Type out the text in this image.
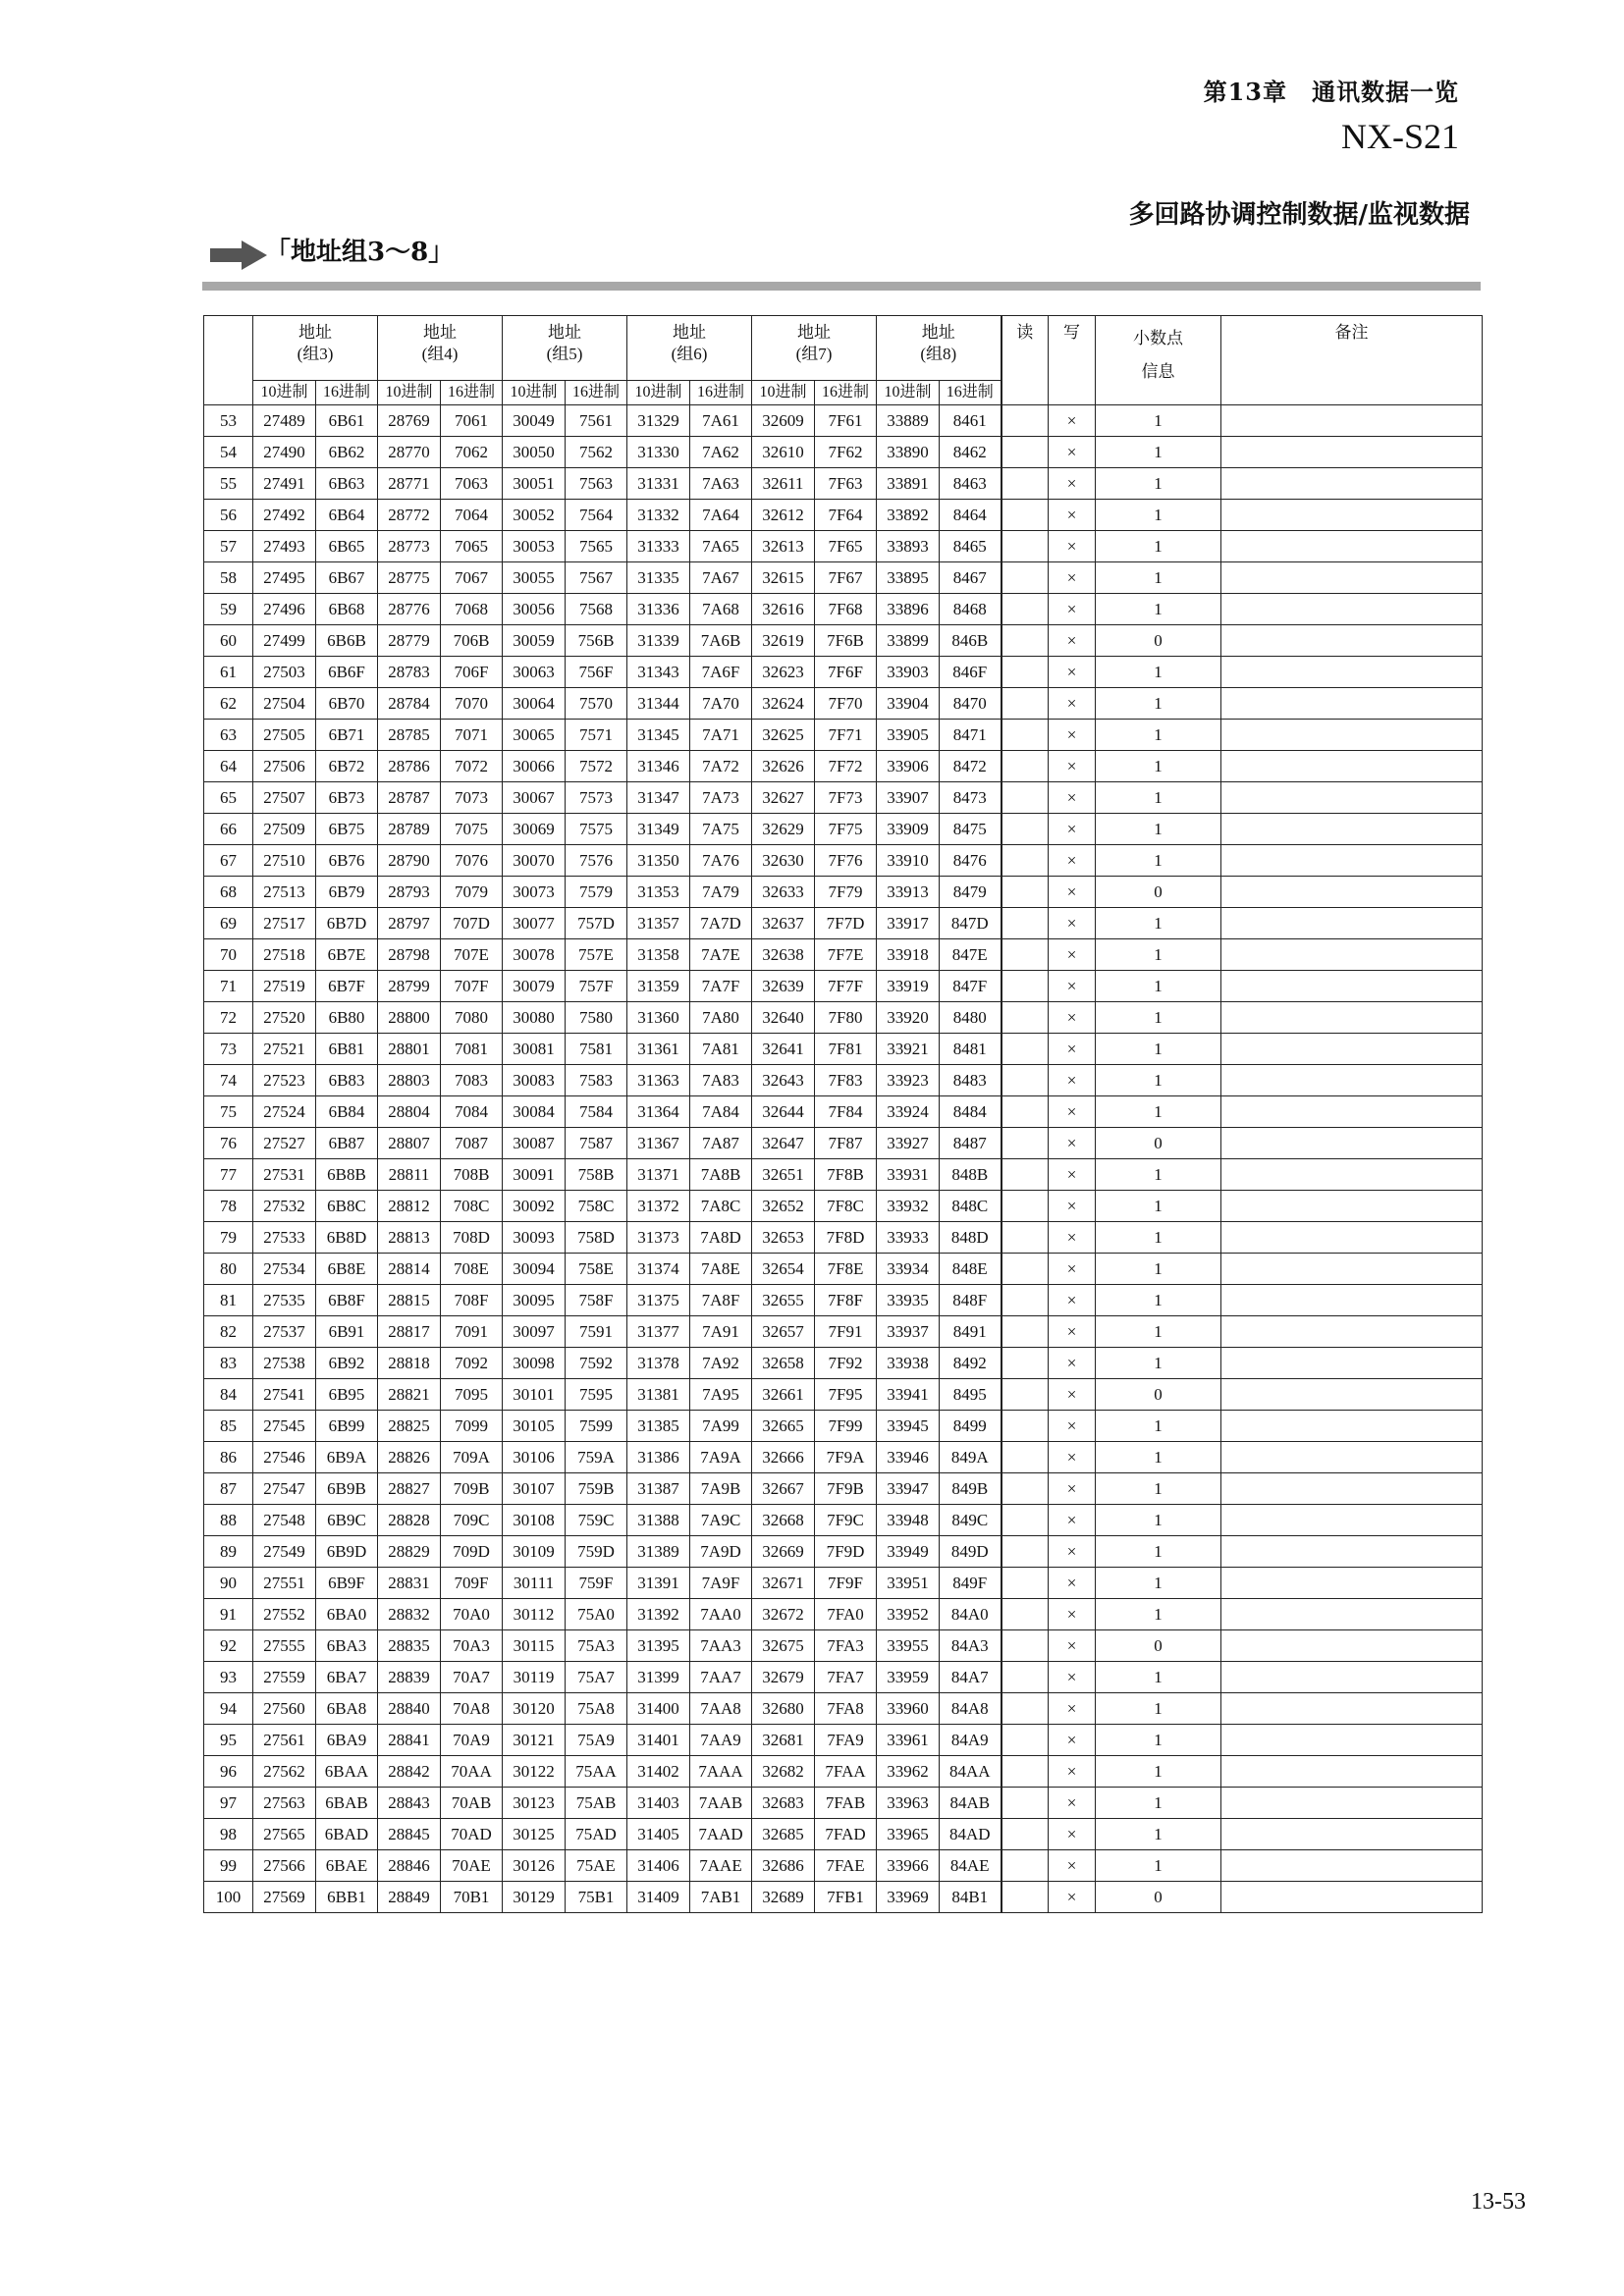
第13章　通讯数据一览
NX-S21
多回路协调控制数据/监视数据
「地址组3～8」
	地址
(组3)		地址
(组4)		地址
(组5)		地址
(组6)		地址
(组7)		地址
(组8)		读	写	小数点
信息	备注
	10进制	16进制	10进制	16进制	10进制	16进制	10进制	16进制	10进制	16进制	10进制	16进制				
53	27489	6B61	28769	7061	30049	7561	31329	7A61	32609	7F61	33889	8461		×	1	
54	27490	6B62	28770	7062	30050	7562	31330	7A62	32610	7F62	33890	8462		×	1	
55	27491	6B63	28771	7063	30051	7563	31331	7A63	32611	7F63	33891	8463		×	1	
56	27492	6B64	28772	7064	30052	7564	31332	7A64	32612	7F64	33892	8464		×	1	
57	27493	6B65	28773	7065	30053	7565	31333	7A65	32613	7F65	33893	8465		×	1	
58	27495	6B67	28775	7067	30055	7567	31335	7A67	32615	7F67	33895	8467		×	1	
59	27496	6B68	28776	7068	30056	7568	31336	7A68	32616	7F68	33896	8468		×	1	
60	27499	6B6B	28779	706B	30059	756B	31339	7A6B	32619	7F6B	33899	846B		×	0	
61	27503	6B6F	28783	706F	30063	756F	31343	7A6F	32623	7F6F	33903	846F		×	1	
62	27504	6B70	28784	7070	30064	7570	31344	7A70	32624	7F70	33904	8470		×	1	
63	27505	6B71	28785	7071	30065	7571	31345	7A71	32625	7F71	33905	8471		×	1	
64	27506	6B72	28786	7072	30066	7572	31346	7A72	32626	7F72	33906	8472		×	1	
65	27507	6B73	28787	7073	30067	7573	31347	7A73	32627	7F73	33907	8473		×	1	
66	27509	6B75	28789	7075	30069	7575	31349	7A75	32629	7F75	33909	8475		×	1	
67	27510	6B76	28790	7076	30070	7576	31350	7A76	32630	7F76	33910	8476		×	1	
68	27513	6B79	28793	7079	30073	7579	31353	7A79	32633	7F79	33913	8479		×	0	
69	27517	6B7D	28797	707D	30077	757D	31357	7A7D	32637	7F7D	33917	847D		×	1	
70	27518	6B7E	28798	707E	30078	757E	31358	7A7E	32638	7F7E	33918	847E		×	1	
71	27519	6B7F	28799	707F	30079	757F	31359	7A7F	32639	7F7F	33919	847F		×	1	
72	27520	6B80	28800	7080	30080	7580	31360	7A80	32640	7F80	33920	8480		×	1	
73	27521	6B81	28801	7081	30081	7581	31361	7A81	32641	7F81	33921	8481		×	1	
74	27523	6B83	28803	7083	30083	7583	31363	7A83	32643	7F83	33923	8483		×	1	
75	27524	6B84	28804	7084	30084	7584	31364	7A84	32644	7F84	33924	8484		×	1	
76	27527	6B87	28807	7087	30087	7587	31367	7A87	32647	7F87	33927	8487		×	0	
77	27531	6B8B	28811	708B	30091	758B	31371	7A8B	32651	7F8B	33931	848B		×	1	
78	27532	6B8C	28812	708C	30092	758C	31372	7A8C	32652	7F8C	33932	848C		×	1	
79	27533	6B8D	28813	708D	30093	758D	31373	7A8D	32653	7F8D	33933	848D		×	1	
80	27534	6B8E	28814	708E	30094	758E	31374	7A8E	32654	7F8E	33934	848E		×	1	
81	27535	6B8F	28815	708F	30095	758F	31375	7A8F	32655	7F8F	33935	848F		×	1	
82	27537	6B91	28817	7091	30097	7591	31377	7A91	32657	7F91	33937	8491		×	1	
83	27538	6B92	28818	7092	30098	7592	31378	7A92	32658	7F92	33938	8492		×	1	
84	27541	6B95	28821	7095	30101	7595	31381	7A95	32661	7F95	33941	8495		×	0	
85	27545	6B99	28825	7099	30105	7599	31385	7A99	32665	7F99	33945	8499		×	1	
86	27546	6B9A	28826	709A	30106	759A	31386	7A9A	32666	7F9A	33946	849A		×	1	
87	27547	6B9B	28827	709B	30107	759B	31387	7A9B	32667	7F9B	33947	849B		×	1	
88	27548	6B9C	28828	709C	30108	759C	31388	7A9C	32668	7F9C	33948	849C		×	1	
89	27549	6B9D	28829	709D	30109	759D	31389	7A9D	32669	7F9D	33949	849D		×	1	
90	27551	6B9F	28831	709F	30111	759F	31391	7A9F	32671	7F9F	33951	849F		×	1	
91	27552	6BA0	28832	70A0	30112	75A0	31392	7AA0	32672	7FA0	33952	84A0		×	1	
92	27555	6BA3	28835	70A3	30115	75A3	31395	7AA3	32675	7FA3	33955	84A3		×	0	
93	27559	6BA7	28839	70A7	30119	75A7	31399	7AA7	32679	7FA7	33959	84A7		×	1	
94	27560	6BA8	28840	70A8	30120	75A8	31400	7AA8	32680	7FA8	33960	84A8		×	1	
95	27561	6BA9	28841	70A9	30121	75A9	31401	7AA9	32681	7FA9	33961	84A9		×	1	
96	27562	6BAA	28842	70AA	30122	75AA	31402	7AAA	32682	7FAA	33962	84AA		×	1	
97	27563	6BAB	28843	70AB	30123	75AB	31403	7AAB	32683	7FAB	33963	84AB		×	1	
98	27565	6BAD	28845	70AD	30125	75AD	31405	7AAD	32685	7FAD	33965	84AD		×	1	
99	27566	6BAE	28846	70AE	30126	75AE	31406	7AAE	32686	7FAE	33966	84AE		×	1	
100	27569	6BB1	28849	70B1	30129	75B1	31409	7AB1	32689	7FB1	33969	84B1		×	0	
13-53
